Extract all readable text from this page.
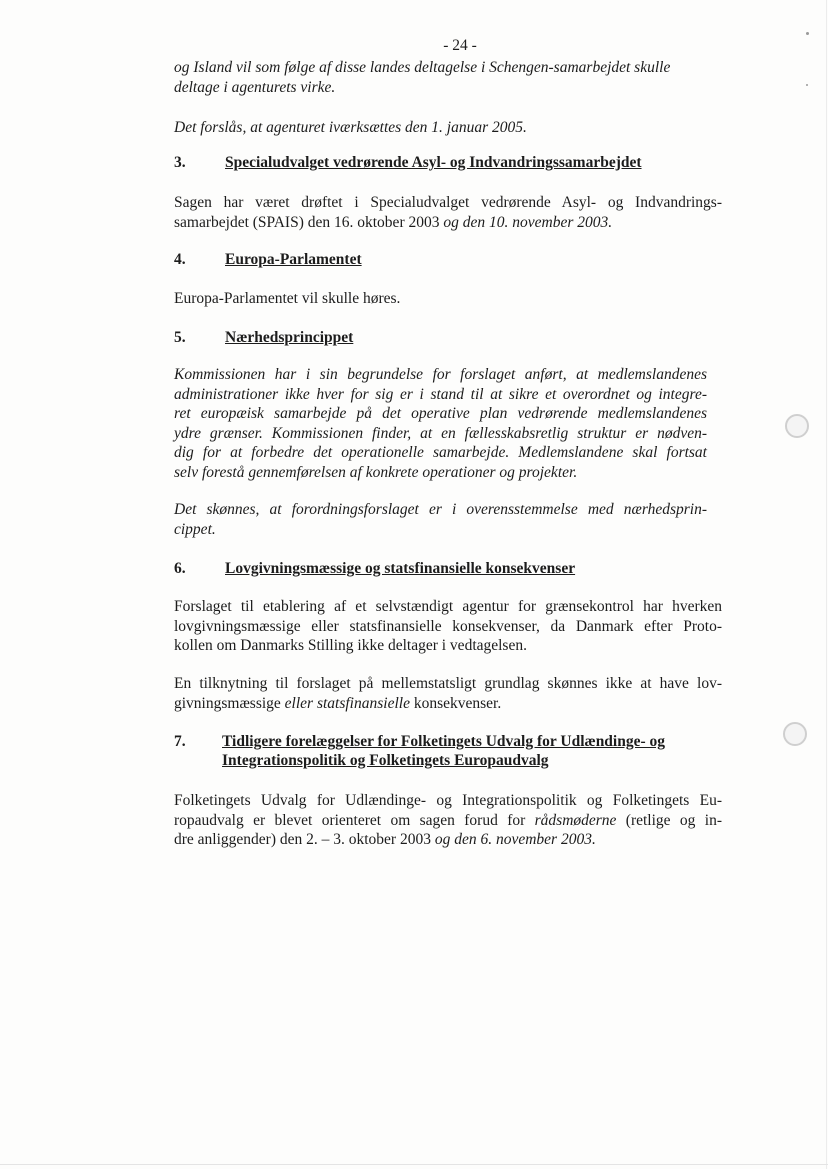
- 24 -
og Island vil som følge af disse landes deltagelse i Schengen-samarbejdet skulle
deltage i agenturets virke.
Det forslås, at agenturet iværksættes den 1. januar 2005.
3.	Specialudvalget vedrørende Asyl- og Indvandringssamarbejdet
Sagen har været drøftet i Specialudvalget vedrørende Asyl- og Indvandrings-
samarbejdet (SPAIS) den 16. oktober 2003 og den 10. november 2003.
4.	Europa-Parlamentet
Europa-Parlamentet vil skulle høres.
5.	Nærhedsprincippet
Kommissionen har i sin begrundelse for forslaget anført, at medlemslandenes
administrationer ikke hver for sig er i stand til at sikre et overordnet og integre-
ret europæisk samarbejde på det operative plan vedrørende medlemslandenes
ydre grænser. Kommissionen finder, at en fællesskabsretlig struktur er nødven-
dig for at forbedre det operationelle samarbejde. Medlemslandene skal fortsat
selv forestå gennemførelsen af konkrete operationer og projekter.
Det skønnes, at forordningsforslaget er i overensstemmelse med nærhedsprin-
cippet.
6.	Lovgivningsmæssige og statsfinansielle konsekvenser
Forslaget til etablering af et selvstændigt agentur for grænsekontrol har hverken
lovgivningsmæssige eller statsfinansielle konsekvenser, da Danmark efter Proto-
kollen om Danmarks Stilling ikke deltager i vedtagelsen.
En tilknytning til forslaget på mellemstatsligt grundlag skønnes ikke at have lov-
givningsmæssige eller statsfinansielle konsekvenser.
7. Tidligere forelæggelser for Folketingets Udvalg for Udlændinge- og
Integrationspolitik og Folketingets Europaudvalg
Folketingets Udvalg for Udlændinge- og Integrationspolitik og Folketingets Eu-
ropaudvalg er blevet orienteret om sagen forud for rådsmøderne (retlige og in-
dre anliggender) den 2. – 3. oktober 2003 og den 6. november 2003.
